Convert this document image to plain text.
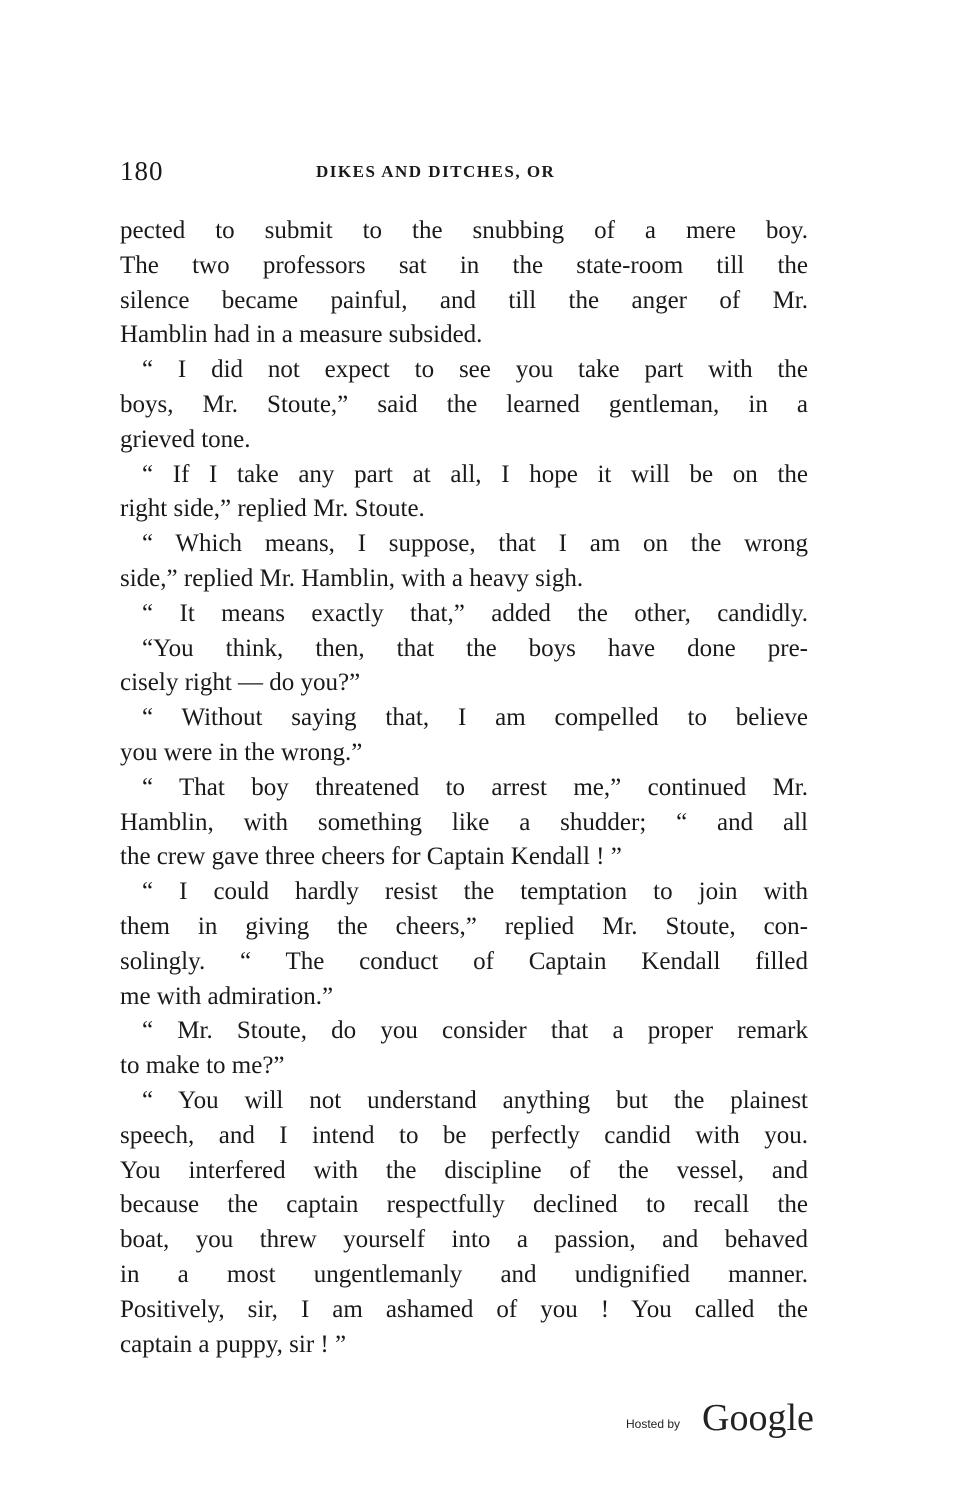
180	DIKES AND DITCHES, OR
pected to submit to the snubbing of a mere boy.
The two professors sat in the state-room till the
silence became painful, and till the anger of Mr.
Hamblin had in a measure subsided.
“ I did not expect to see you take part with the
boys, Mr. Stoute,” said the learned gentleman, in a
grieved tone.
“ If I take any part at all, I hope it will be on the
right side,” replied Mr. Stoute.
“ Which means, I suppose, that I am on the wrong
side,” replied Mr. Hamblin, with a heavy sigh.
“ It means exactly that,” added the other, candidly.
“You think, then, that the boys have done pre-
cisely right — do you?”
“ Without saying that, I am compelled to believe
you were in the wrong.”
“ That boy threatened to arrest me,” continued Mr.
Hamblin, with something like a shudder; “ and all
the crew gave three cheers for Captain Kendall ! ”
“ I could hardly resist the temptation to join with
them in giving the cheers,” replied Mr. Stoute, con-
solingly. “ The conduct of Captain Kendall filled
me with admiration.”
“ Mr. Stoute, do you consider that a proper remark
to make to me?”
“ You will not understand anything but the plainest
speech, and I intend to be perfectly candid with you.
You interfered with the discipline of the vessel, and
because the captain respectfully declined to recall the
boat, you threw yourself into a passion, and behaved
in a most ungentlemanly and undignified manner.
Positively, sir, I am ashamed of you ! You called the
captain a puppy, sir ! ”
Hosted by Google
